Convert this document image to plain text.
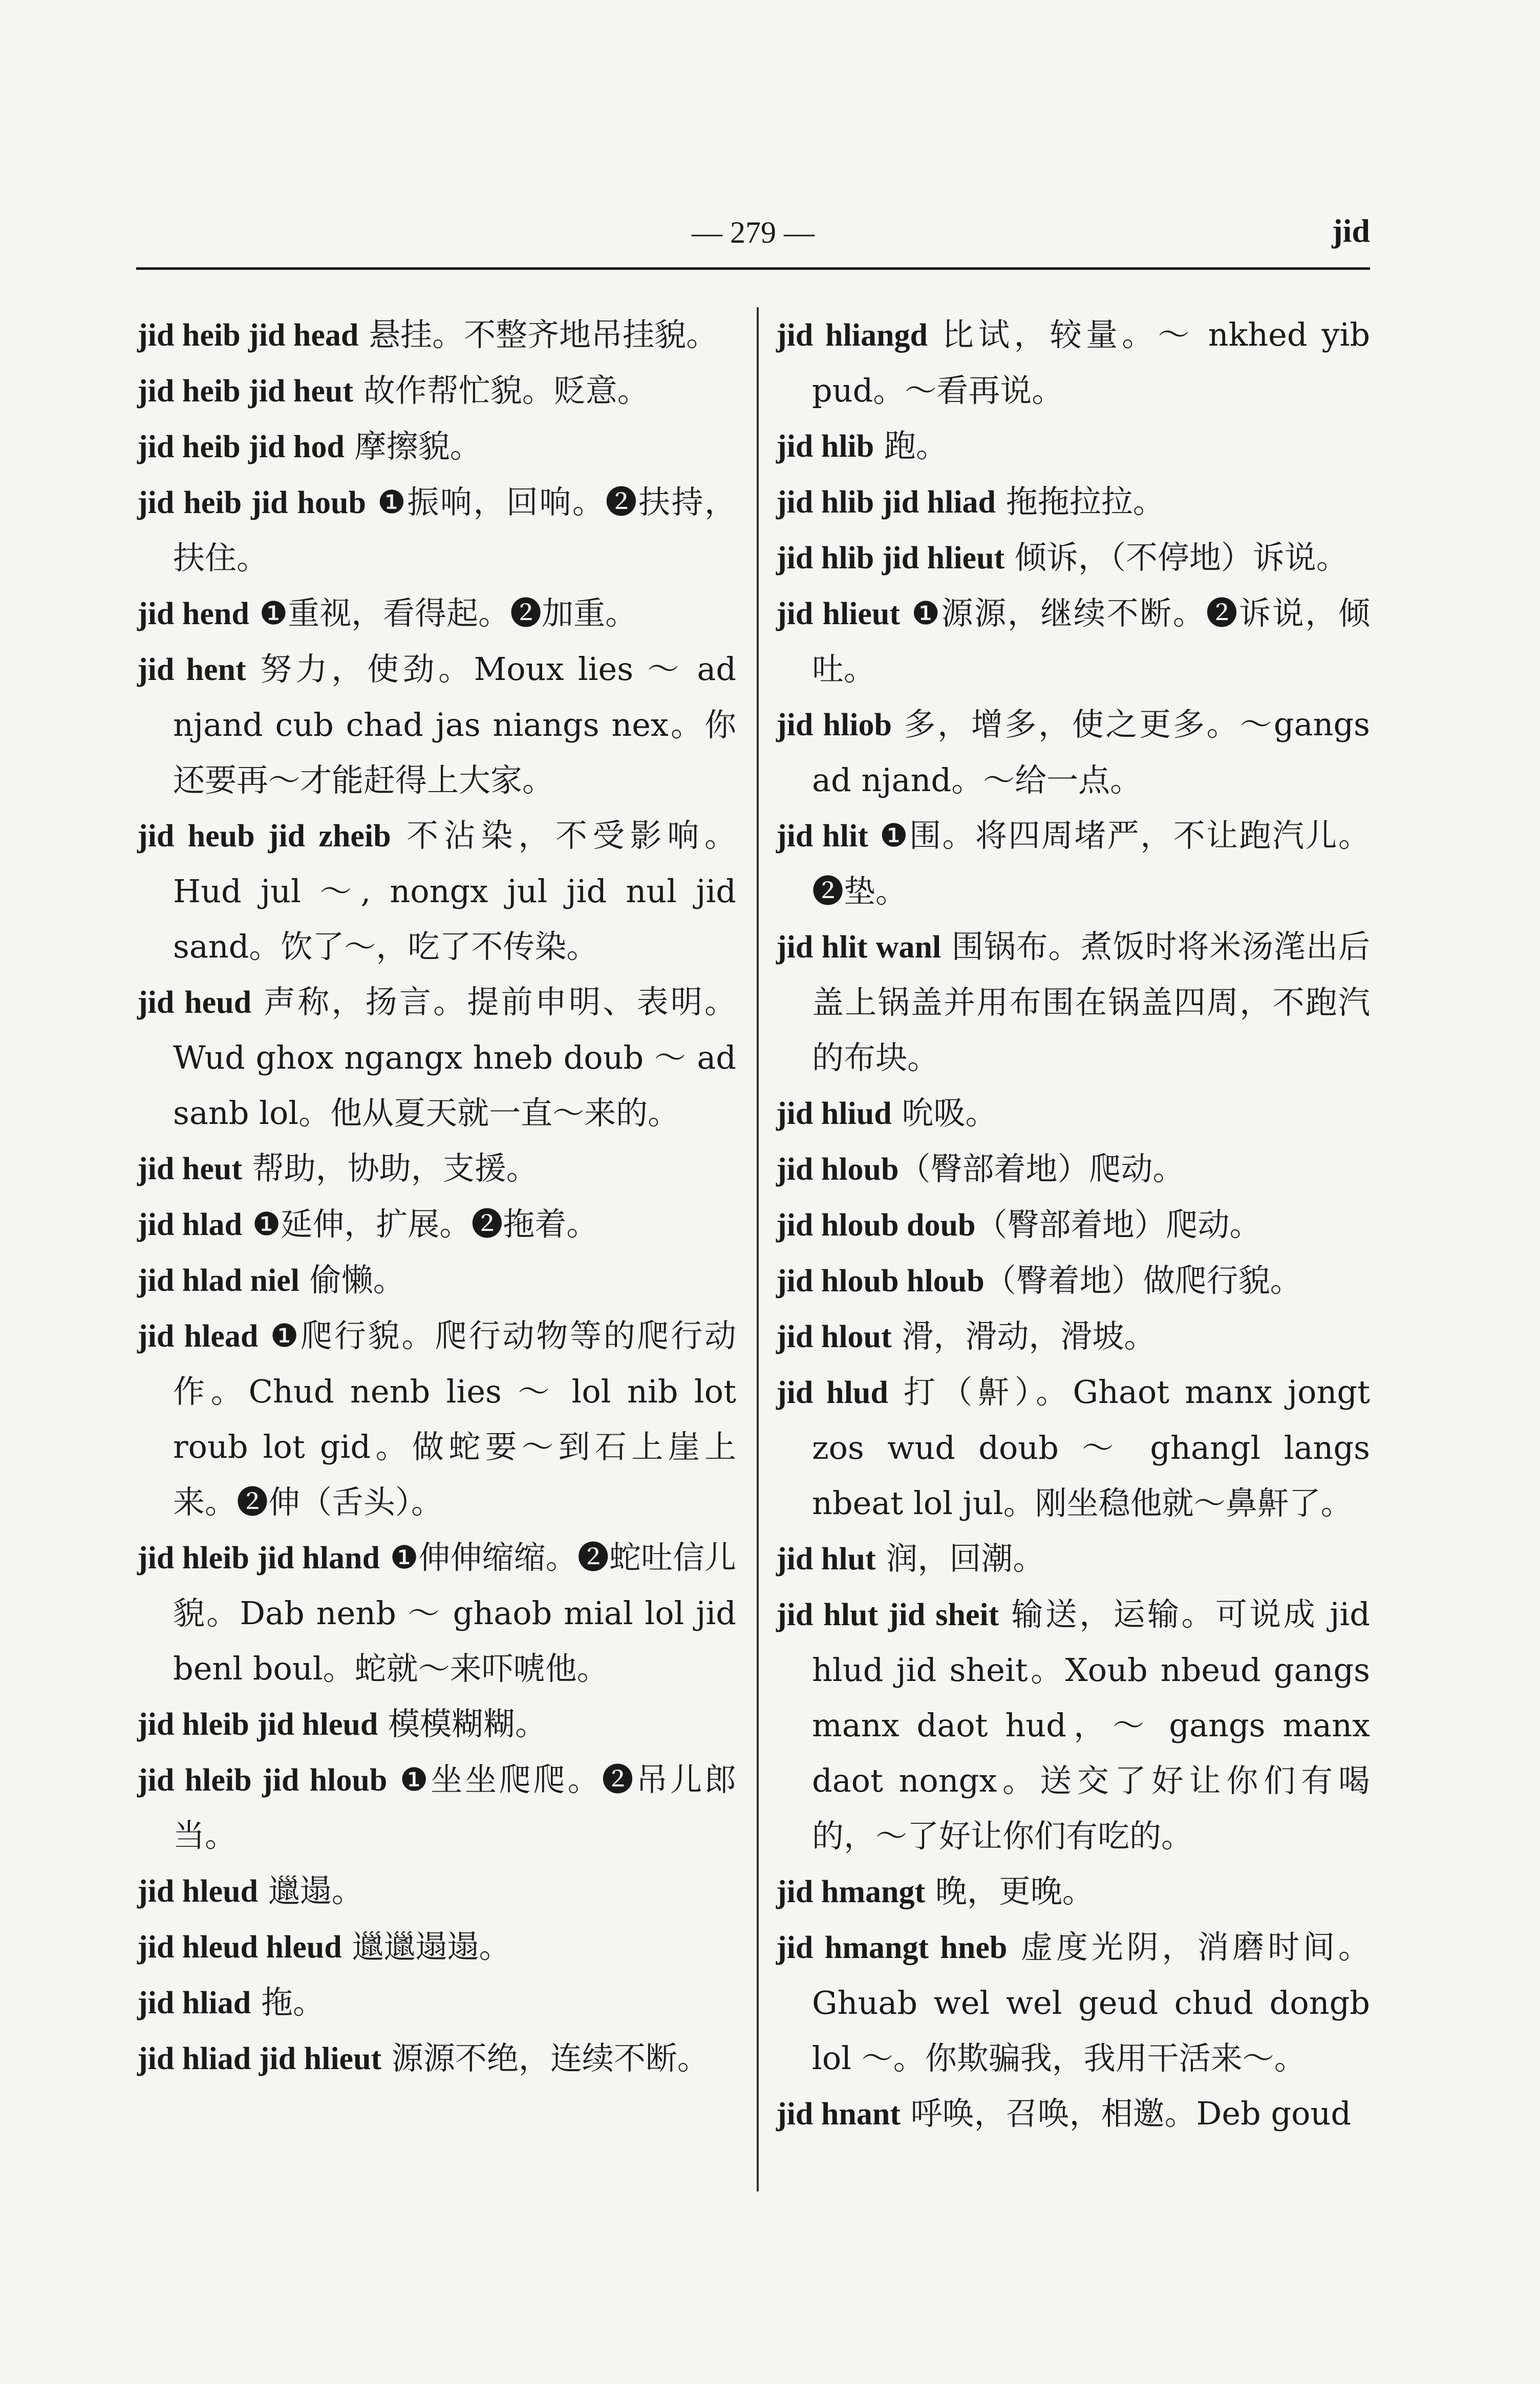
— 279 —	jid

jid heib jid head 悬挂。不整齐地吊挂貌。

jid heib jid heut 故作帮忙貌。贬意。

jid heib jid hod 摩擦貌。

jid heib jid houb ❶振响，回响。❷扶持，扶住。

jid hend ❶重视，看得起。❷加重。

jid hent 努力，使劲。Moux lies ～ ad njand cub chad jas niangs nex。你还要再～才能赶得上大家。

jid heub jid zheib 不沾染，不受影响。Hud jul ～, nongx jul jid nul jid sand。饮了～，吃了不传染。

jid heud 声称，扬言。提前申明、表明。Wud ghox ngangx hneb doub ～ ad sanb lol。他从夏天就一直～来的。

jid heut 帮助，协助，支援。

jid hlad ❶延伸，扩展。❷拖着。

jid hlad niel 偷懒。

jid hlead ❶爬行貌。爬行动物等的爬行动作。Chud nenb lies ～ lol nib lot roub lot gid。做蛇要～到石上崖上来。❷伸（舌头）。

jid hleib jid hland ❶伸伸缩缩。❷蛇吐信儿貌。Dab nenb ～ ghaob mial lol jid benl boul。蛇就～来吓唬他。

jid hleib jid hleud 模模糊糊。

jid hleib jid hloub ❶坐坐爬爬。❷吊儿郎当。

jid hleud 邋遢。

jid hleud hleud 邋邋遢遢。

jid hliad 拖。

jid hliad jid hlieut 源源不绝，连续不断。

jid hliangd 比试，较量。～ nkhed yib pud。～看再说。

jid hlib 跑。

jid hlib jid hliad 拖拖拉拉。

jid hlib jid hlieut 倾诉，（不停地）诉说。

jid hlieut ❶源源，继续不断。❷诉说，倾吐。

jid hliob 多，增多，使之更多。～gangs ad njand。～给一点。

jid hlit ❶围。将四周堵严，不让跑汽儿。❷垫。

jid hlit wanl 围锅布。煮饭时将米汤滗出后盖上锅盖并用布围在锅盖四周，不跑汽的布块。

jid hliud 吮吸。

jid hloub（臀部着地）爬动。

jid hloub doub（臀部着地）爬动。

jid hloub hloub（臀着地）做爬行貌。

jid hlout 滑，滑动，滑坡。

jid hlud 打（鼾）。Ghaot manx jongt zos wud doub ～ ghangl langs nbeat lol jul。刚坐稳他就～鼻鼾了。

jid hlut 润，回潮。

jid hlut jid sheit 输送，运输。可说成 jid hlud jid sheit。Xoub nbeud gangs manx daot hud，～ gangs manx daot nongx。送交了好让你们有喝的，～了好让你们有吃的。

jid hmangt 晚，更晚。

jid hmangt hneb 虚度光阴，消磨时间。Ghuab wel wel geud chud dongb lol ～。你欺骗我，我用干活来～。

jid hnant 呼唤，召唤，相邀。Deb goud
